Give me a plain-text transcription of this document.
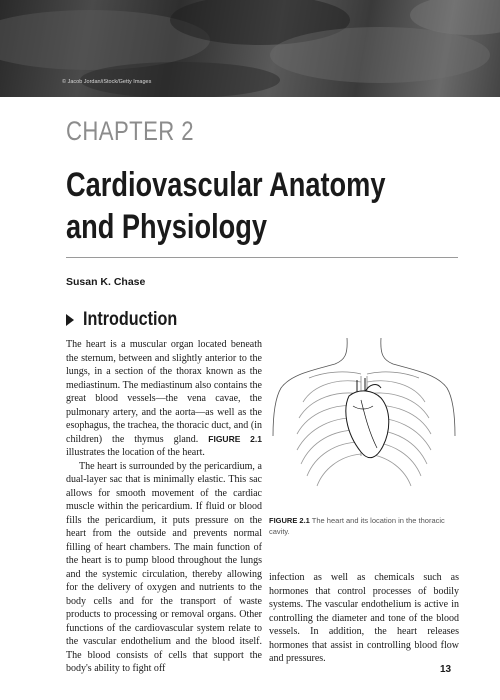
© Jacob Jordan/iStock/Getty Images
CHAPTER 2
Cardiovascular Anatomy and Physiology
Susan K. Chase
Introduction

The heart is a muscular organ located beneath the sternum, between and slightly anterior to the lungs, in a section of the thorax known as the mediastinum. The mediastinum also contains the great blood vessels—the vena cavae, the pulmonary artery, and the aorta—as well as the esophagus, the trachea, the thoracic duct, and (in children) the thymus gland. FIGURE 2.1 illustrates the location of the heart.

The heart is surrounded by the pericardium, a dual-layer sac that is minimally elastic. This sac allows for smooth movement of the cardiac muscle within the pericardium. If fluid or blood fills the pericardium, it puts pressure on the heart from the outside and prevents normal filling of heart chambers. The main function of the heart is to pump blood throughout the lungs and the systemic circulation, thereby allowing for the delivery of oxygen and nutrients to the body cells and for the transport of waste products to processing or removal organs. Other functions of the cardiovascular system relate to the vascular endothelium and the blood itself. The blood consists of cells that support the body's ability to fight off

FIGURE 2.1 The heart and its location in the thoracic cavity.

infection as well as chemicals such as hormones that control processes of bodily systems. The vascular endothelium is active in controlling the diameter and tone of the blood vessels. In addition, the heart releases hormones that assist in controlling blood flow and pressures.

13
